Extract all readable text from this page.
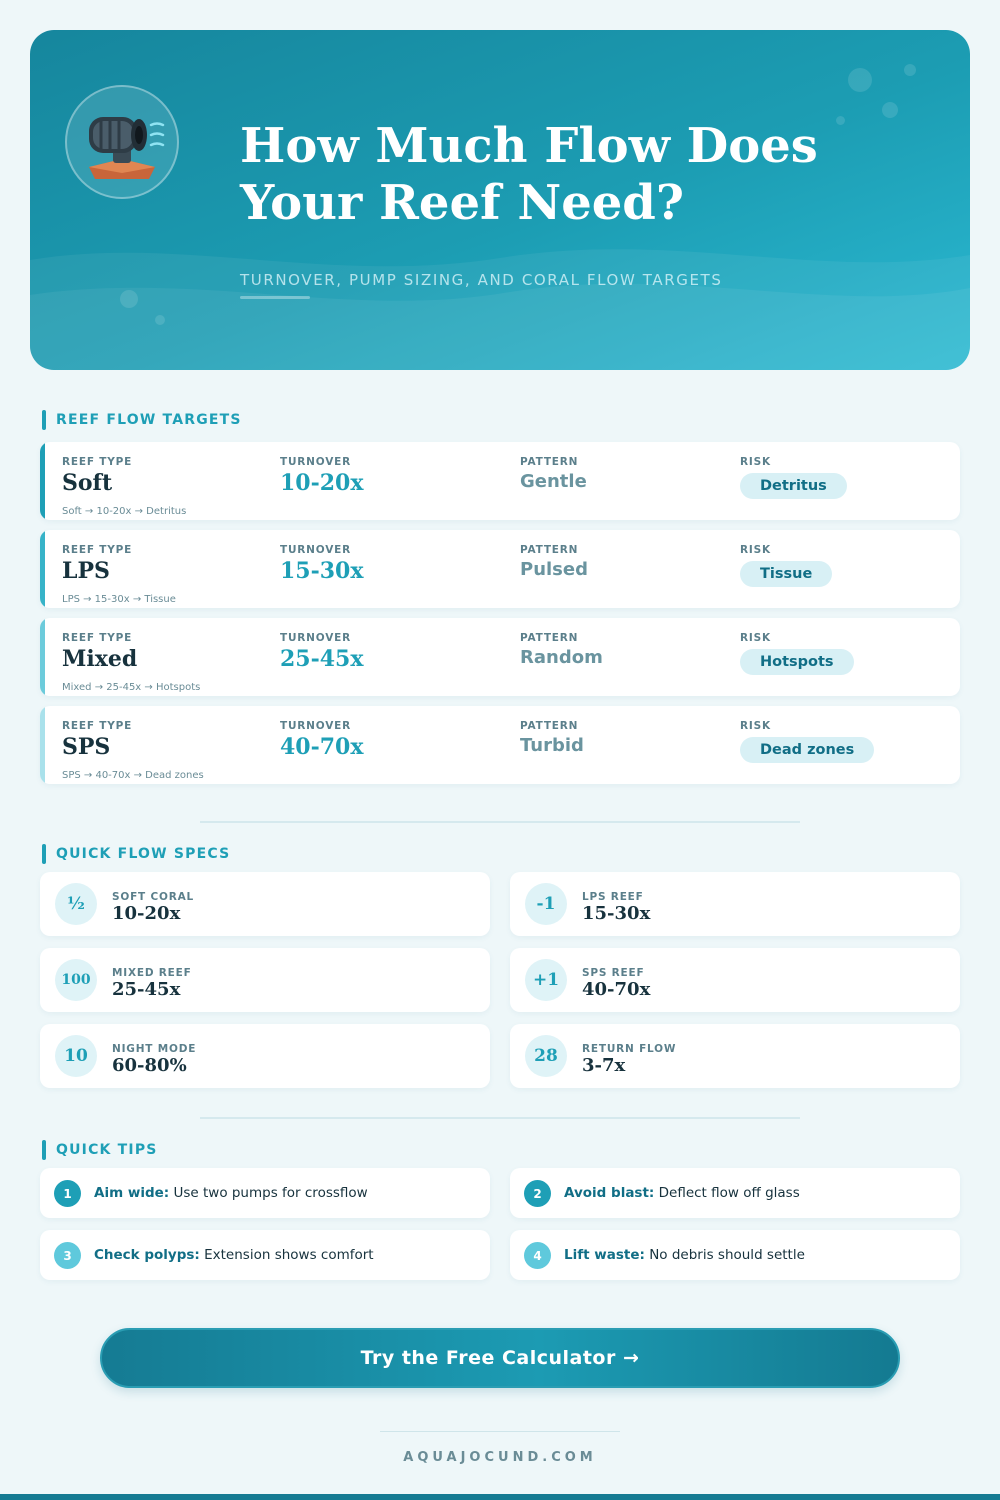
How Much Flow Does Your Reef Need?
TURNOVER, PUMP SIZING, AND CORAL FLOW TARGETS
REEF FLOW TARGETS
REEF TYPE
Soft
TURNOVER
10-20x
PATTERN
Gentle
RISK
Detritus
Soft → 10-20x → Detritus
REEF TYPE
LPS
TURNOVER
15-30x
PATTERN
Pulsed
RISK
Tissue
LPS → 15-30x → Tissue
REEF TYPE
Mixed
TURNOVER
25-45x
PATTERN
Random
RISK
Hotspots
Mixed → 25-45x → Hotspots
REEF TYPE
SPS
TURNOVER
40-70x
PATTERN
Turbid
RISK
Dead zones
SPS → 40-70x → Dead zones
QUICK FLOW SPECS
½	SOFT CORAL
10-20x	-1	LPS REEF
15-30x
100	MIXED REEF
25-45x	+1	SPS REEF
40-70x
10	NIGHT MODE
60-80%	28	RETURN FLOW
3-7x
QUICK TIPS
1	Aim wide: Use two pumps for crossflow	2	Avoid blast: Deflect flow off glass
3	Check polyps: Extension shows comfort	4	Lift waste: No debris should settle
Try the Free Calculator →
AQUAJOCUND.COM
